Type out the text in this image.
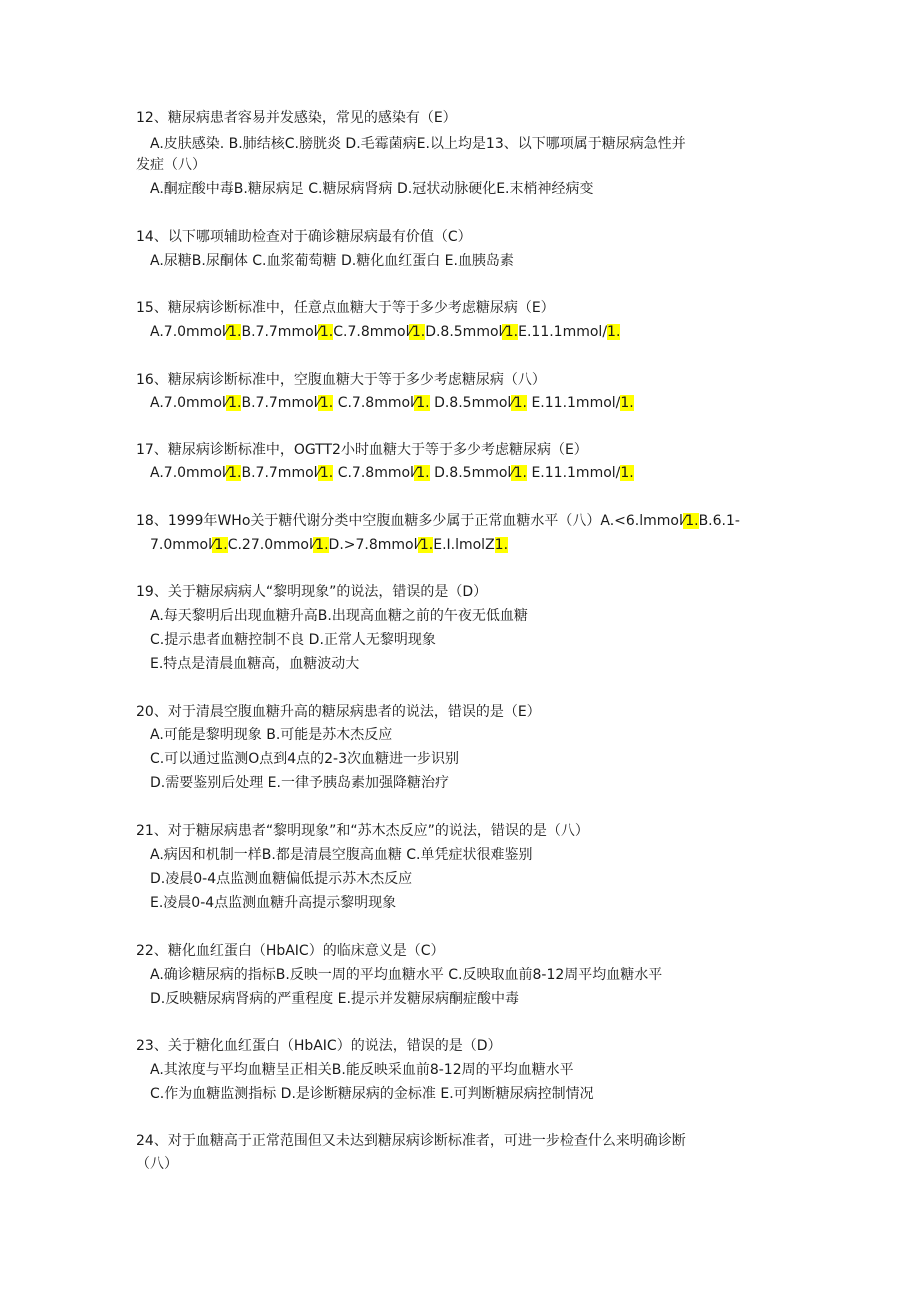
12、糖尿病患者容易并发感染，常见的感染有（E）
A.皮肤感染. B.肺结核C.膀胱炎 D.毛霉菌病E.以上均是13、以下哪项属于糖尿病急性并
发症（八）
A.酮症酸中毒B.糖尿病足 C.糖尿病肾病 D.冠状动脉硬化E.末梢神经病变
14、以下哪项辅助检查对于确诊糖尿病最有价值（C）
A.尿糖B.尿酮体 C.血浆葡萄糖 D.糖化血红蛋白 E.血胰岛素
15、糖尿病诊断标准中，任意点血糖大于等于多少考虑糖尿病（E）
A.7.0mmol⁄1.B.7.7mmol⁄1.C.7.8mmol⁄1.D.8.5mmol⁄1.E.11.1mmol/1.
16、糖尿病诊断标准中，空腹血糖大于等于多少考虑糖尿病（八）
A.7.0mmol⁄1.B.7.7mmol⁄1. C.7.8mmol⁄1. D.8.5mmol⁄1. E.11.1mmol/1.
17、糖尿病诊断标准中，OGTT2小时血糖大于等于多少考虑糖尿病（E）
A.7.0mmol⁄1.B.7.7mmol⁄1. C.7.8mmol⁄1. D.8.5mmol⁄1. E.11.1mmol/1.
18、1999年WHo关于糖代谢分类中空腹血糖多少属于正常血糖水平（八）A.<6.lmmol⁄1.B.6.1-
7.0mmol⁄1.C.27.0mmol⁄1.D.>7.8mmol⁄1.E.I.lmolZ1.
19、关于糖尿病病人“黎明现象”的说法，错误的是（D）
A.每天黎明后出现血糖升高B.出现高血糖之前的午夜无低血糖
C.提示患者血糖控制不良 D.正常人无黎明现象
E.特点是清晨血糖高，血糖波动大
20、对于清晨空腹血糖升高的糖尿病患者的说法，错误的是（E）
A.可能是黎明现象 B.可能是苏木杰反应
C.可以通过监测O点到4点的2-3次血糖进一步识别
D.需要鉴别后处理 E.一律予胰岛素加强降糖治疗
21、对于糖尿病患者“黎明现象”和“苏木杰反应”的说法，错误的是（八）
A.病因和机制一样B.都是清晨空腹高血糖 C.单凭症状很难鉴别
D.凌晨0-4点监测血糖偏低提示苏木杰反应
E.凌晨0-4点监测血糖升高提示黎明现象
22、糖化血红蛋白（HbAIC）的临床意义是（C）
A.确诊糖尿病的指标B.反映一周的平均血糖水平 C.反映取血前8-12周平均血糖水平
D.反映糖尿病肾病的严重程度 E.提示并发糖尿病酮症酸中毒
23、关于糖化血红蛋白（HbAIC）的说法，错误的是（D）
A.其浓度与平均血糖呈正相关B.能反映采血前8-12周的平均血糖水平
C.作为血糖监测指标 D.是诊断糖尿病的金标准 E.可判断糖尿病控制情况
24、对于血糖高于正常范围但又未达到糖尿病诊断标准者，可进一步检查什么来明确诊断
（八）
